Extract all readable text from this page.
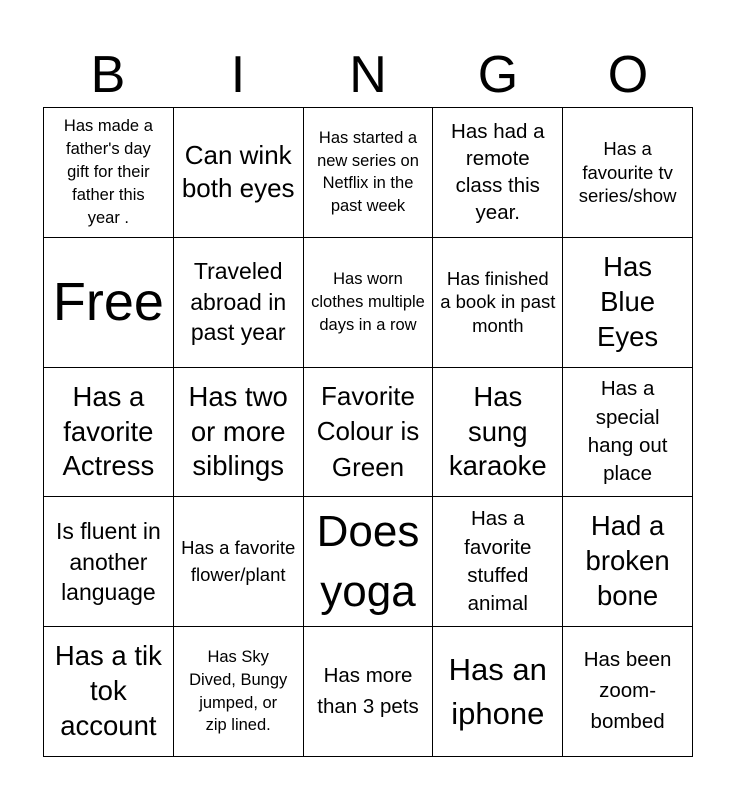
B	I	N	G	O
Has made a father's day gift for their father this year .
Can wink both eyes
Has started a new series on Netflix in the past week
Has had a remote class this year.
Has a favourite tv series/show
Free
Traveled abroad in past year
Has worn clothes multiple days in a row
Has finished a book in past month
Has Blue Eyes
Has a favorite Actress
Has two or more siblings
Favorite Colour is Green
Has sung karaoke
Has a special hang out place
Is fluent in another language
Has a favorite flower/plant
Does yoga
Has a favorite stuffed animal
Had a broken bone
Has a tik tok account
Has Sky Dived, Bungy jumped, or zip lined.
Has more than 3 pets
Has an iphone
Has been zoom-bombed
